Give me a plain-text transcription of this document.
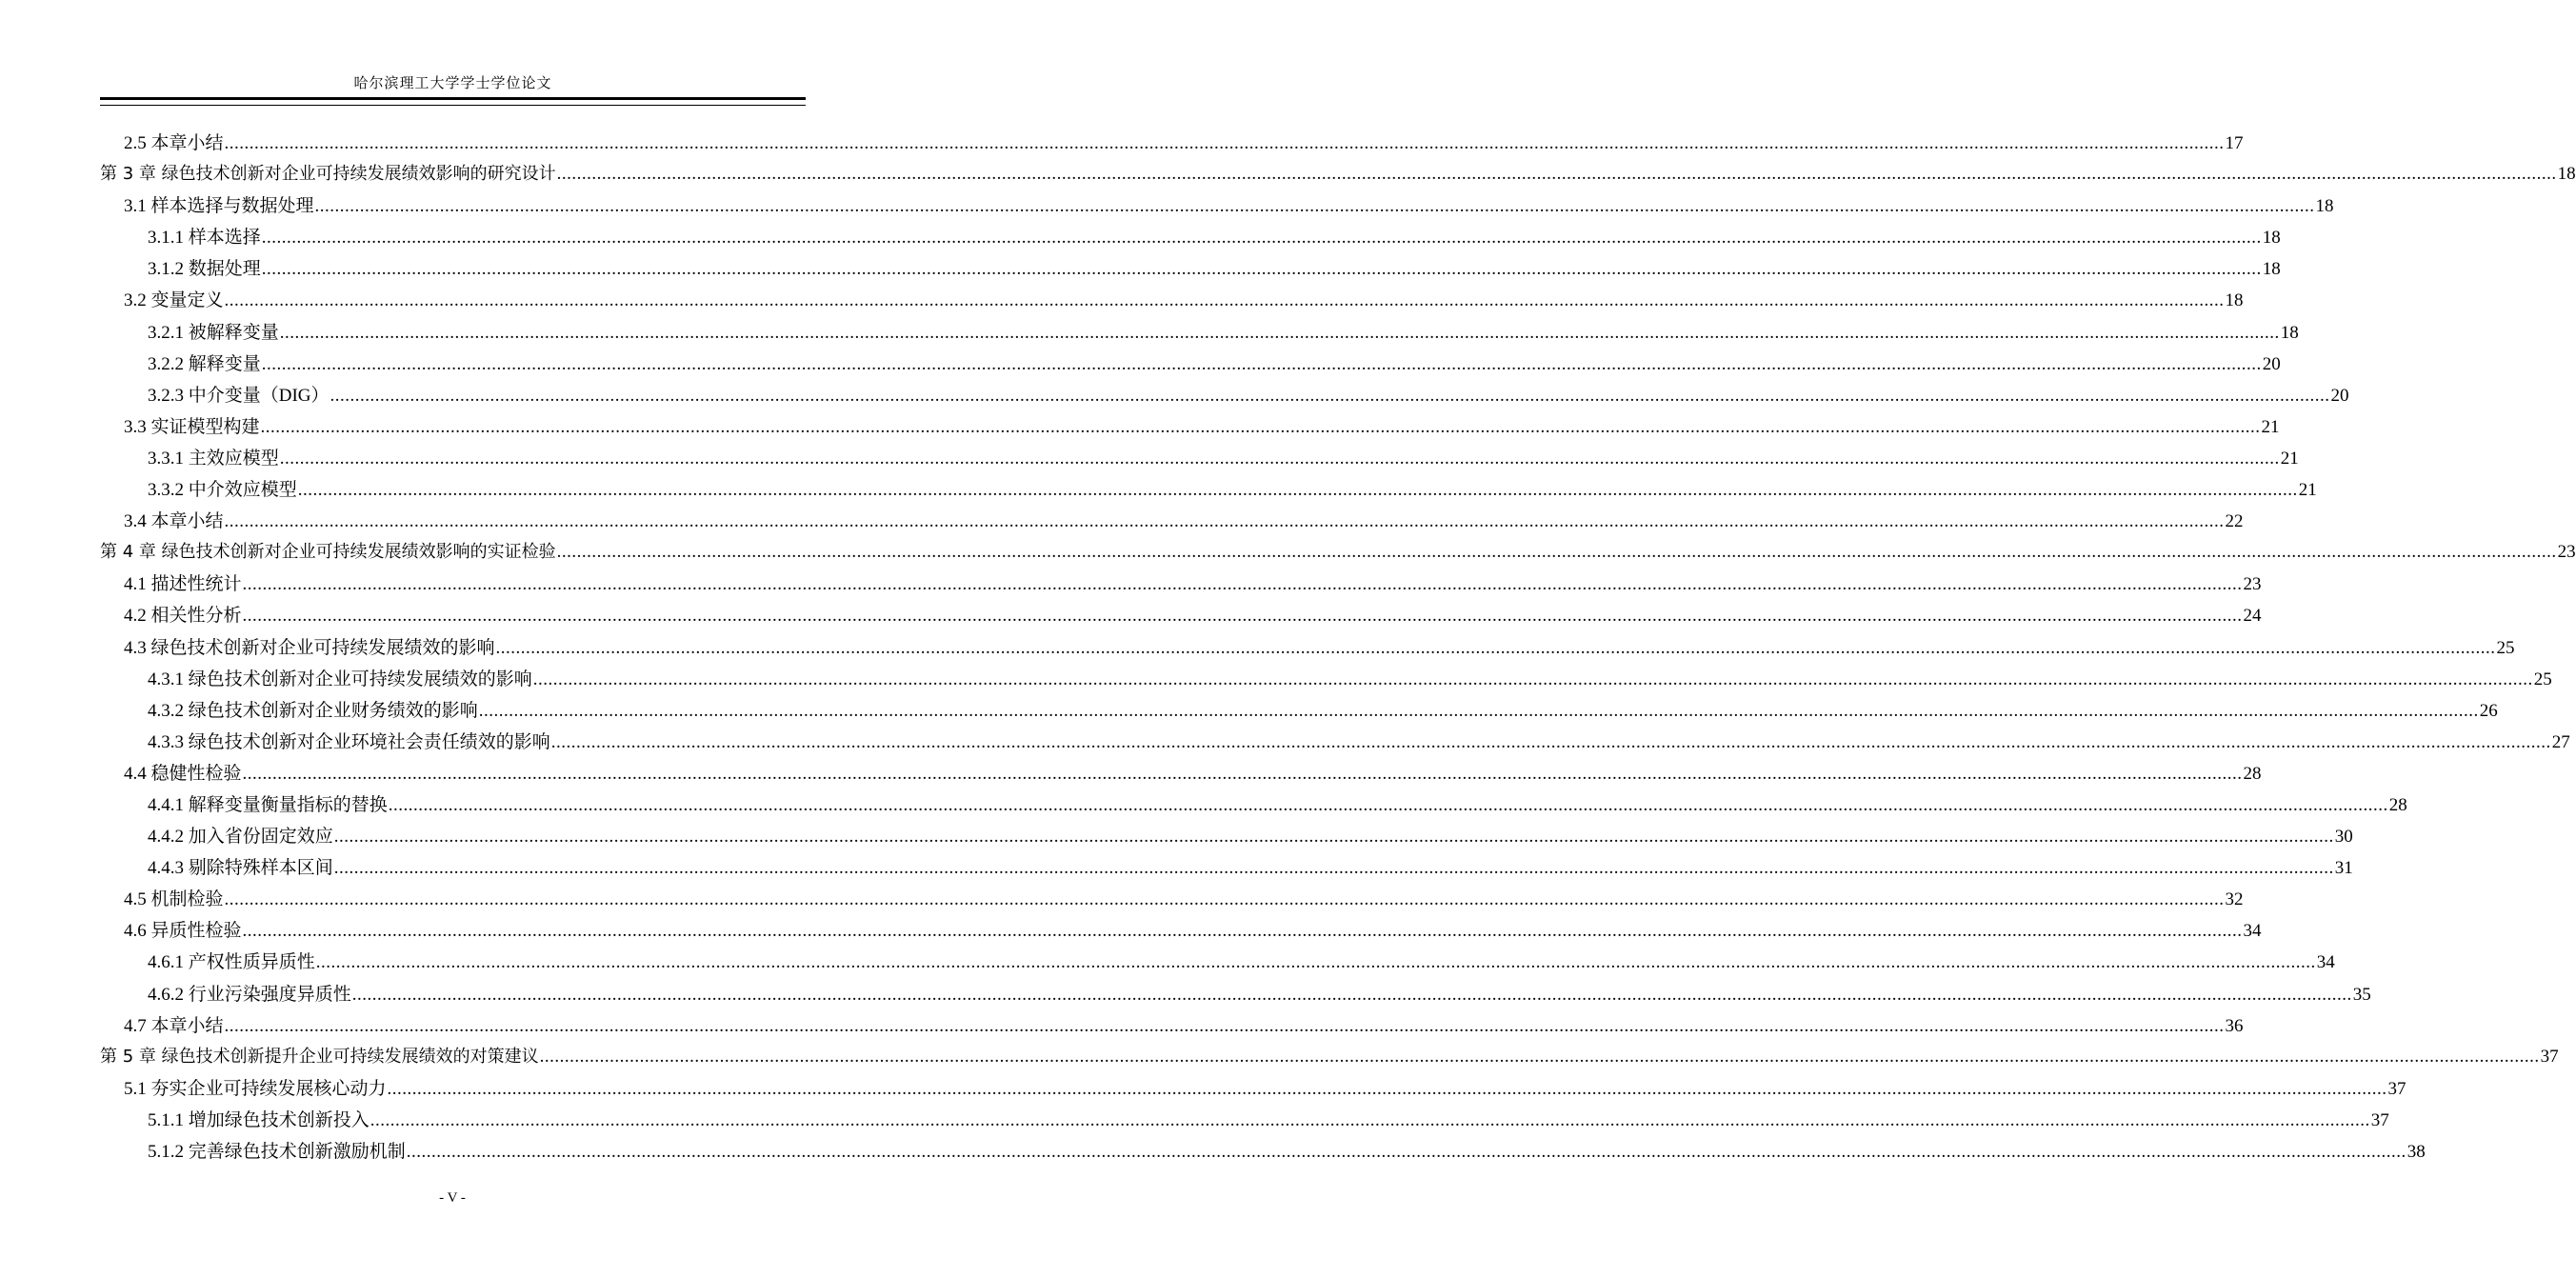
哈尔滨理工大学学士学位论文
2.5 本章小结 ................................................................................................................................................................................................................................................................................................................................................................................................................ 17
第 3 章 绿色技术创新对企业可持续发展绩效影响的研究设计 ................................................................................................................................................................................................................................................................................................................................................................................................................ 18
3.1 样本选择与数据处理 ................................................................................................................................................................................................................................................................................................................................................................................................................ 18
3.1.1 样本选择 ................................................................................................................................................................................................................................................................................................................................................................................................................ 18
3.1.2 数据处理 ................................................................................................................................................................................................................................................................................................................................................................................................................ 18
3.2 变量定义 ................................................................................................................................................................................................................................................................................................................................................................................................................ 18
3.2.1 被解释变量 ................................................................................................................................................................................................................................................................................................................................................................................................................ 18
3.2.2 解释变量 ................................................................................................................................................................................................................................................................................................................................................................................................................ 20
3.2.3 中介变量（DIG） ................................................................................................................................................................................................................................................................................................................................................................................................................ 20
3.3 实证模型构建 ................................................................................................................................................................................................................................................................................................................................................................................................................ 21
3.3.1 主效应模型 ................................................................................................................................................................................................................................................................................................................................................................................................................ 21
3.3.2 中介效应模型 ................................................................................................................................................................................................................................................................................................................................................................................................................ 21
3.4 本章小结 ................................................................................................................................................................................................................................................................................................................................................................................................................ 22
第 4 章 绿色技术创新对企业可持续发展绩效影响的实证检验 ................................................................................................................................................................................................................................................................................................................................................................................................................ 23
4.1 描述性统计 ................................................................................................................................................................................................................................................................................................................................................................................................................ 23
4.2 相关性分析 ................................................................................................................................................................................................................................................................................................................................................................................................................ 24
4.3 绿色技术创新对企业可持续发展绩效的影响 ................................................................................................................................................................................................................................................................................................................................................................................................................ 25
4.3.1 绿色技术创新对企业可持续发展绩效的影响 ................................................................................................................................................................................................................................................................................................................................................................................................................ 25
4.3.2 绿色技术创新对企业财务绩效的影响 ................................................................................................................................................................................................................................................................................................................................................................................................................ 26
4.3.3 绿色技术创新对企业环境社会责任绩效的影响 ................................................................................................................................................................................................................................................................................................................................................................................................................ 27
4.4 稳健性检验 ................................................................................................................................................................................................................................................................................................................................................................................................................ 28
4.4.1 解释变量衡量指标的替换 ................................................................................................................................................................................................................................................................................................................................................................................................................ 28
4.4.2 加入省份固定效应 ................................................................................................................................................................................................................................................................................................................................................................................................................ 30
4.4.3 剔除特殊样本区间 ................................................................................................................................................................................................................................................................................................................................................................................................................ 31
4.5 机制检验 ................................................................................................................................................................................................................................................................................................................................................................................................................ 32
4.6 异质性检验 ................................................................................................................................................................................................................................................................................................................................................................................................................ 34
4.6.1 产权性质异质性 ................................................................................................................................................................................................................................................................................................................................................................................................................ 34
4.6.2 行业污染强度异质性 ................................................................................................................................................................................................................................................................................................................................................................................................................ 35
4.7 本章小结 ................................................................................................................................................................................................................................................................................................................................................................................................................ 36
第 5 章 绿色技术创新提升企业可持续发展绩效的对策建议 ................................................................................................................................................................................................................................................................................................................................................................................................................ 37
5.1 夯实企业可持续发展核心动力 ................................................................................................................................................................................................................................................................................................................................................................................................................ 37
5.1.1 增加绿色技术创新投入 ................................................................................................................................................................................................................................................................................................................................................................................................................ 37
5.1.2 完善绿色技术创新激励机制 ................................................................................................................................................................................................................................................................................................................................................................................................................ 38
- V -
